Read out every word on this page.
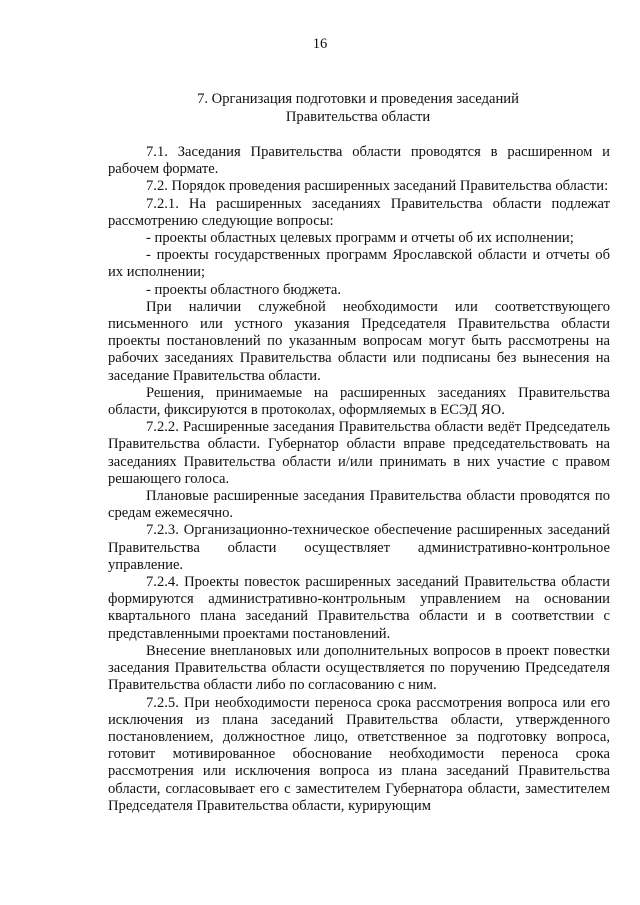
16
7. Организация подготовки и проведения заседаний
Правительства области

7.1. Заседания Правительства области проводятся в расширенном и рабочем формате.

7.2. Порядок проведения расширенных заседаний Правительства области:

7.2.1. На расширенных заседаниях Правительства области подлежат рассмотрению следующие вопросы:

- проекты областных целевых программ и отчеты об их исполнении;

- проекты государственных программ Ярославской области и отчеты об их исполнении;

- проекты областного бюджета.

При наличии служебной необходимости или соответствующего письменного или устного указания Председателя Правительства области проекты постановлений по указанным вопросам могут быть рассмотрены на рабочих заседаниях Правительства области или подписаны без вынесения на заседание Правительства области.

Решения, принимаемые на расширенных заседаниях Правительства области, фиксируются в протоколах, оформляемых в ЕСЭД ЯО.

7.2.2. Расширенные заседания Правительства области ведёт Председатель Правительства области. Губернатор области вправе председательствовать на заседаниях Правительства области и/или принимать в них участие с правом решающего голоса.

Плановые расширенные заседания Правительства области проводятся по средам ежемесячно.

7.2.3. Организационно-техническое обеспечение расширенных заседаний Правительства области осуществляет административно-контрольное управление.

7.2.4. Проекты повесток расширенных заседаний Правительства области формируются административно-контрольным управлением на основании квартального плана заседаний Правительства области и в соответствии с представленными проектами постановлений.

Внесение внеплановых или дополнительных вопросов в проект повестки заседания Правительства области осуществляется по поручению Председателя Правительства области либо по согласованию с ним.

7.2.5. При необходимости переноса срока рассмотрения вопроса или его исключения из плана заседаний Правительства области, утвержденного постановлением, должностное лицо, ответственное за подготовку вопроса, готовит мотивированное обоснование необходимости переноса срока рассмотрения или исключения вопроса из плана заседаний Правительства области, согласовывает его с заместителем Губернатора области, заместителем Председателя Правительства области, курирующим
